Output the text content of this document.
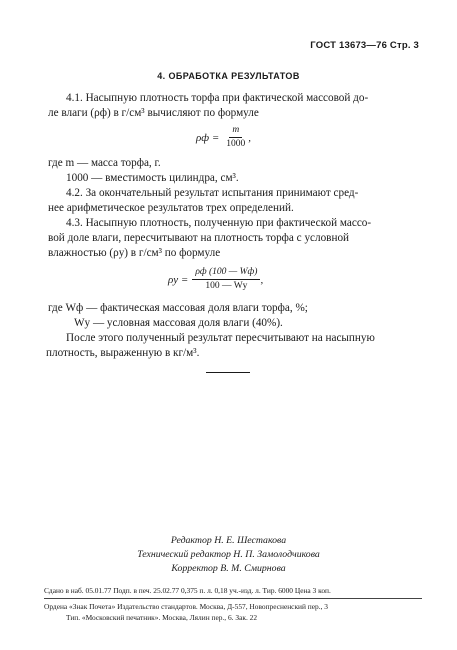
ГОСТ 13673—76 Стр. 3
4. ОБРАБОТКА РЕЗУЛЬТАТОВ
4.1. Насыпную плотность торфа при фактической массовой до-
ле влаги (ρф) в г/см³ вычисляют по формуле
$\rho ф = \frac{m}{1000}$ ,
где m — масса торфа, г.
1000 — вместимость цилиндра, см³.
4.2. За окончательный результат испытания принимают сред-
нее арифметическое результатов трех определений.
4.3. Насыпную плотность, полученную при фактической массо-
вой доле влаги, пересчитывают на плотность торфа с условной
влажностью (ρу) в г/см³ по формуле
$\rho у = \frac{\rho ф (100 — Wф)}{100 — Wу}$ ,
где Wф — фактическая массовая доля влаги торфа, %;
Wу — условная массовая доля влаги (40%).
После этого полученный результат пересчитывают на насыпную
плотность, выраженную в кг/м³.
Редактор Н. Е. Шестакова
Технический редактор Н. П. Замолодчикова
Корректор В. М. Смирнова
Сдано в наб. 05.01.77 Подп. в печ. 25.02.77 0,375 п. л. 0,18 уч.-изд. л. Тир. 6000 Цена 3 коп.
Ордена «Знак Почета» Издательство стандартов. Москва, Д-557, Новопресненский пер., 3
Тип. «Московский печатник». Москва, Лялин пер., 6. Зак. 22
